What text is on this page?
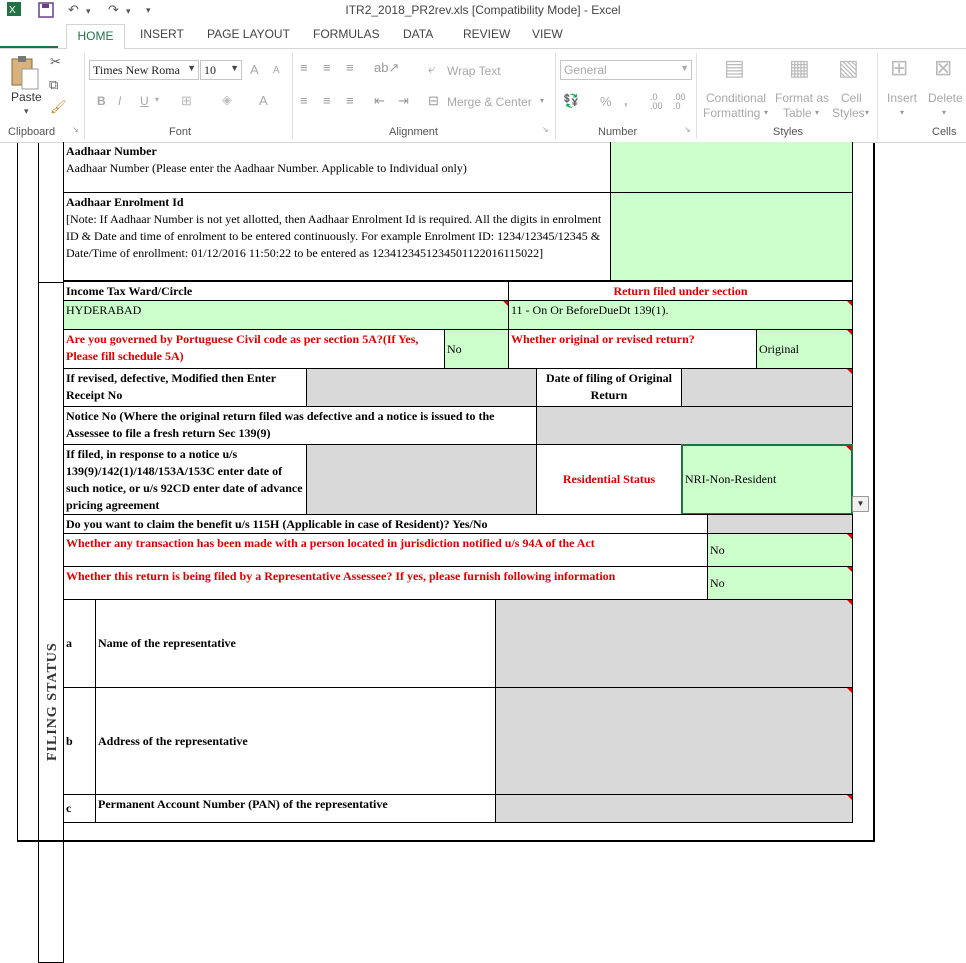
X	↶ ▾ ↷ ▾ ▾	ITR2_2018_PR2rev.xls [Compatibility Mode] - Excel
HOME	INSERT PAGE LAYOUT FORMULAS DATA REVIEW VIEW
Paste
▾
✂
⧉
🖌
Clipboard ↘
Times New Roma ▼ 10 ▼ A A
B I U ▾ ⊞ ◈ A
Font
≡ ≡ ≡ ab↗
≡ ≡ ≡ ⇤ ⇥
⤶ Wrap Text
⊟ Merge & Center ▾
Alignment	↘
General	▼
💱 % , .0
.00
.00
.0
Number	↘
▤
Conditional
Formatting ▾
▦
Format as
Table ▾
▧
Cell
Styles ▾
Styles
⊞
Insert
▾
⊠
Delete
▾
Cells
FILING STATUS
Aadhaar Number
Aadhaar Number (Please enter the Aadhaar Number. Applicable to Individual only)
Aadhaar Enrolment Id
[Note: If Aadhaar Number is not yet allotted, then Aadhaar Enrolment Id is required. All the digits in enrolment ID & Date and time of enrolment to be entered continuously. For example Enrolment ID: 1234/12345/12345 & Date/Time of enrollment: 01/12/2016 11:50:22 to be entered as 12341234512345011220161150​22]
Income Tax Ward/Circle
HYDERABAD
Return filed under section
11 - On Or BeforeDueDt 139(1).
Are you governed by Portuguese Civil code as per section 5A?(If Yes, Please fill schedule 5A)
No
Whether original or revised return?
Original
If revised, defective, Modified then Enter Receipt No
Date of filing of Original Return
Notice No (Where the original return filed was defective and a notice is issued to the Assessee to file a fresh return Sec 139(9)
If filed, in response to a notice u/s 139(9)/142(1)/148/153A/153C enter date of such notice, or u/s 92CD enter date of advance pricing agreement
Residential Status	NRI-Non-Resident
▼
Do you want to claim the benefit u/s 115H (Applicable in case of Resident)? Yes/No
Whether any transaction has been made with a person located in jurisdiction notified u/s 94A of the Act	No
Whether this return is being filed by a Representative Assessee? If yes, please furnish following information	No
a	Name of the representative
b	Address of the representative
c	Permanent Account Number (PAN) of the representative
